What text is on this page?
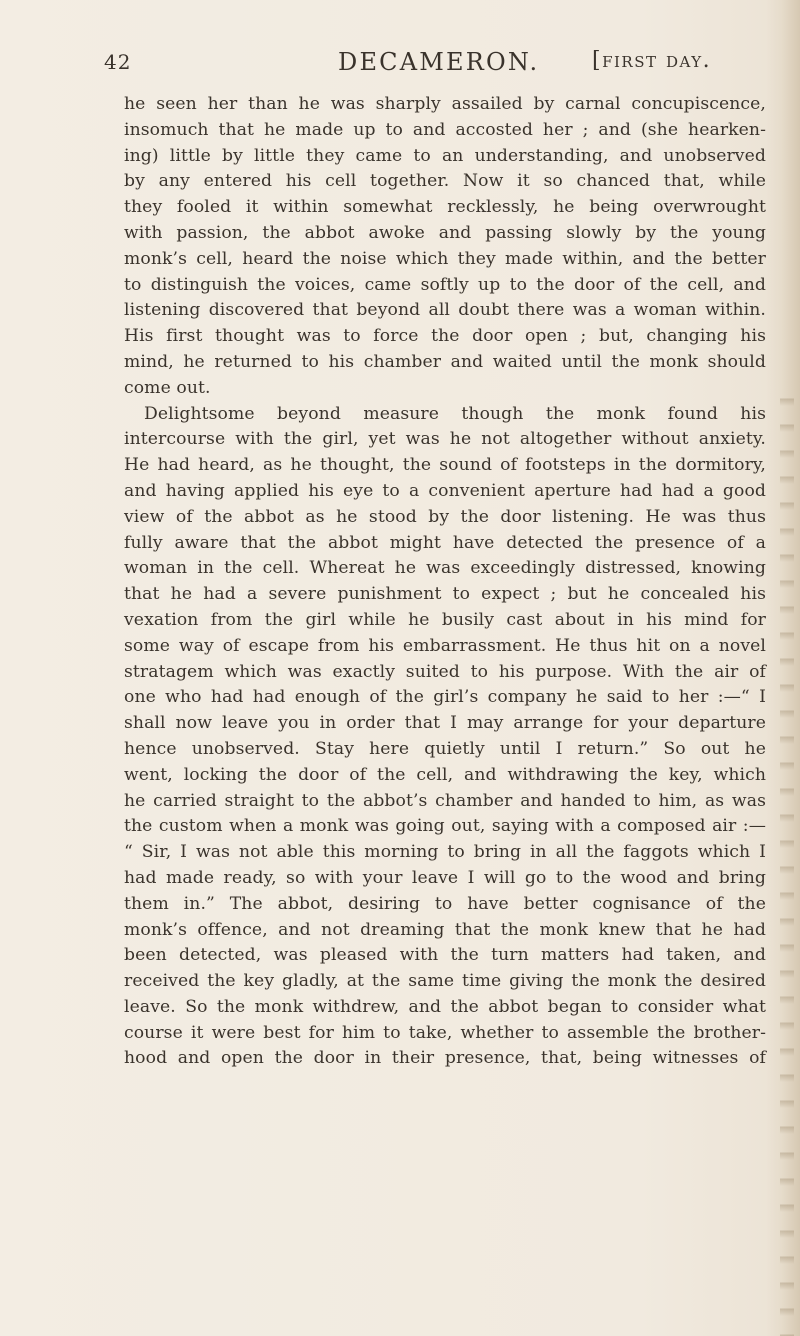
42	DECAMERON. [first day.
he seen her than he was sharply assailed by carnal concupiscence,
insomuch that he made up to and accosted her ; and (she hearken-
ing) little by little they came to an understanding, and unobserved
by any entered his cell together. Now it so chanced that, while
they fooled it within somewhat recklessly, he being overwrought
with passion, the abbot awoke and passing slowly by the young
monk’s cell, heard the noise which they made within, and the better
to distinguish the voices, came softly up to the door of the cell, and
listening discovered that beyond all doubt there was a woman within.
His first thought was to force the door open ; but, changing his
mind, he returned to his chamber and waited until the monk should
come out.
Delightsome beyond measure though the monk found his
intercourse with the girl, yet was he not altogether without anxiety.
He had heard, as he thought, the sound of footsteps in the dormitory,
and having applied his eye to a convenient aperture had had a good
view of the abbot as he stood by the door listening. He was thus
fully aware that the abbot might have detected the presence of a
woman in the cell. Whereat he was exceedingly distressed, knowing
that he had a severe punishment to expect ; but he concealed his
vexation from the girl while he busily cast about in his mind for
some way of escape from his embarrassment. He thus hit on a novel
stratagem which was exactly suited to his purpose. With the air of
one who had had enough of the girl’s company he said to her :—“ I
shall now leave you in order that I may arrange for your departure
hence unobserved. Stay here quietly until I return.” So out he
went, locking the door of the cell, and withdrawing the key, which
he carried straight to the abbot’s chamber and handed to him, as was
the custom when a monk was going out, saying with a composed air :—
“ Sir, I was not able this morning to bring in all the faggots which I
had made ready, so with your leave I will go to the wood and bring
them in.” The abbot, desiring to have better cognisance of the
monk’s offence, and not dreaming that the monk knew that he had
been detected, was pleased with the turn matters had taken, and
received the key gladly, at the same time giving the monk the desired
leave. So the monk withdrew, and the abbot began to consider what
course it were best for him to take, whether to assemble the brother-
hood and open the door in their presence, that, being witnesses of
